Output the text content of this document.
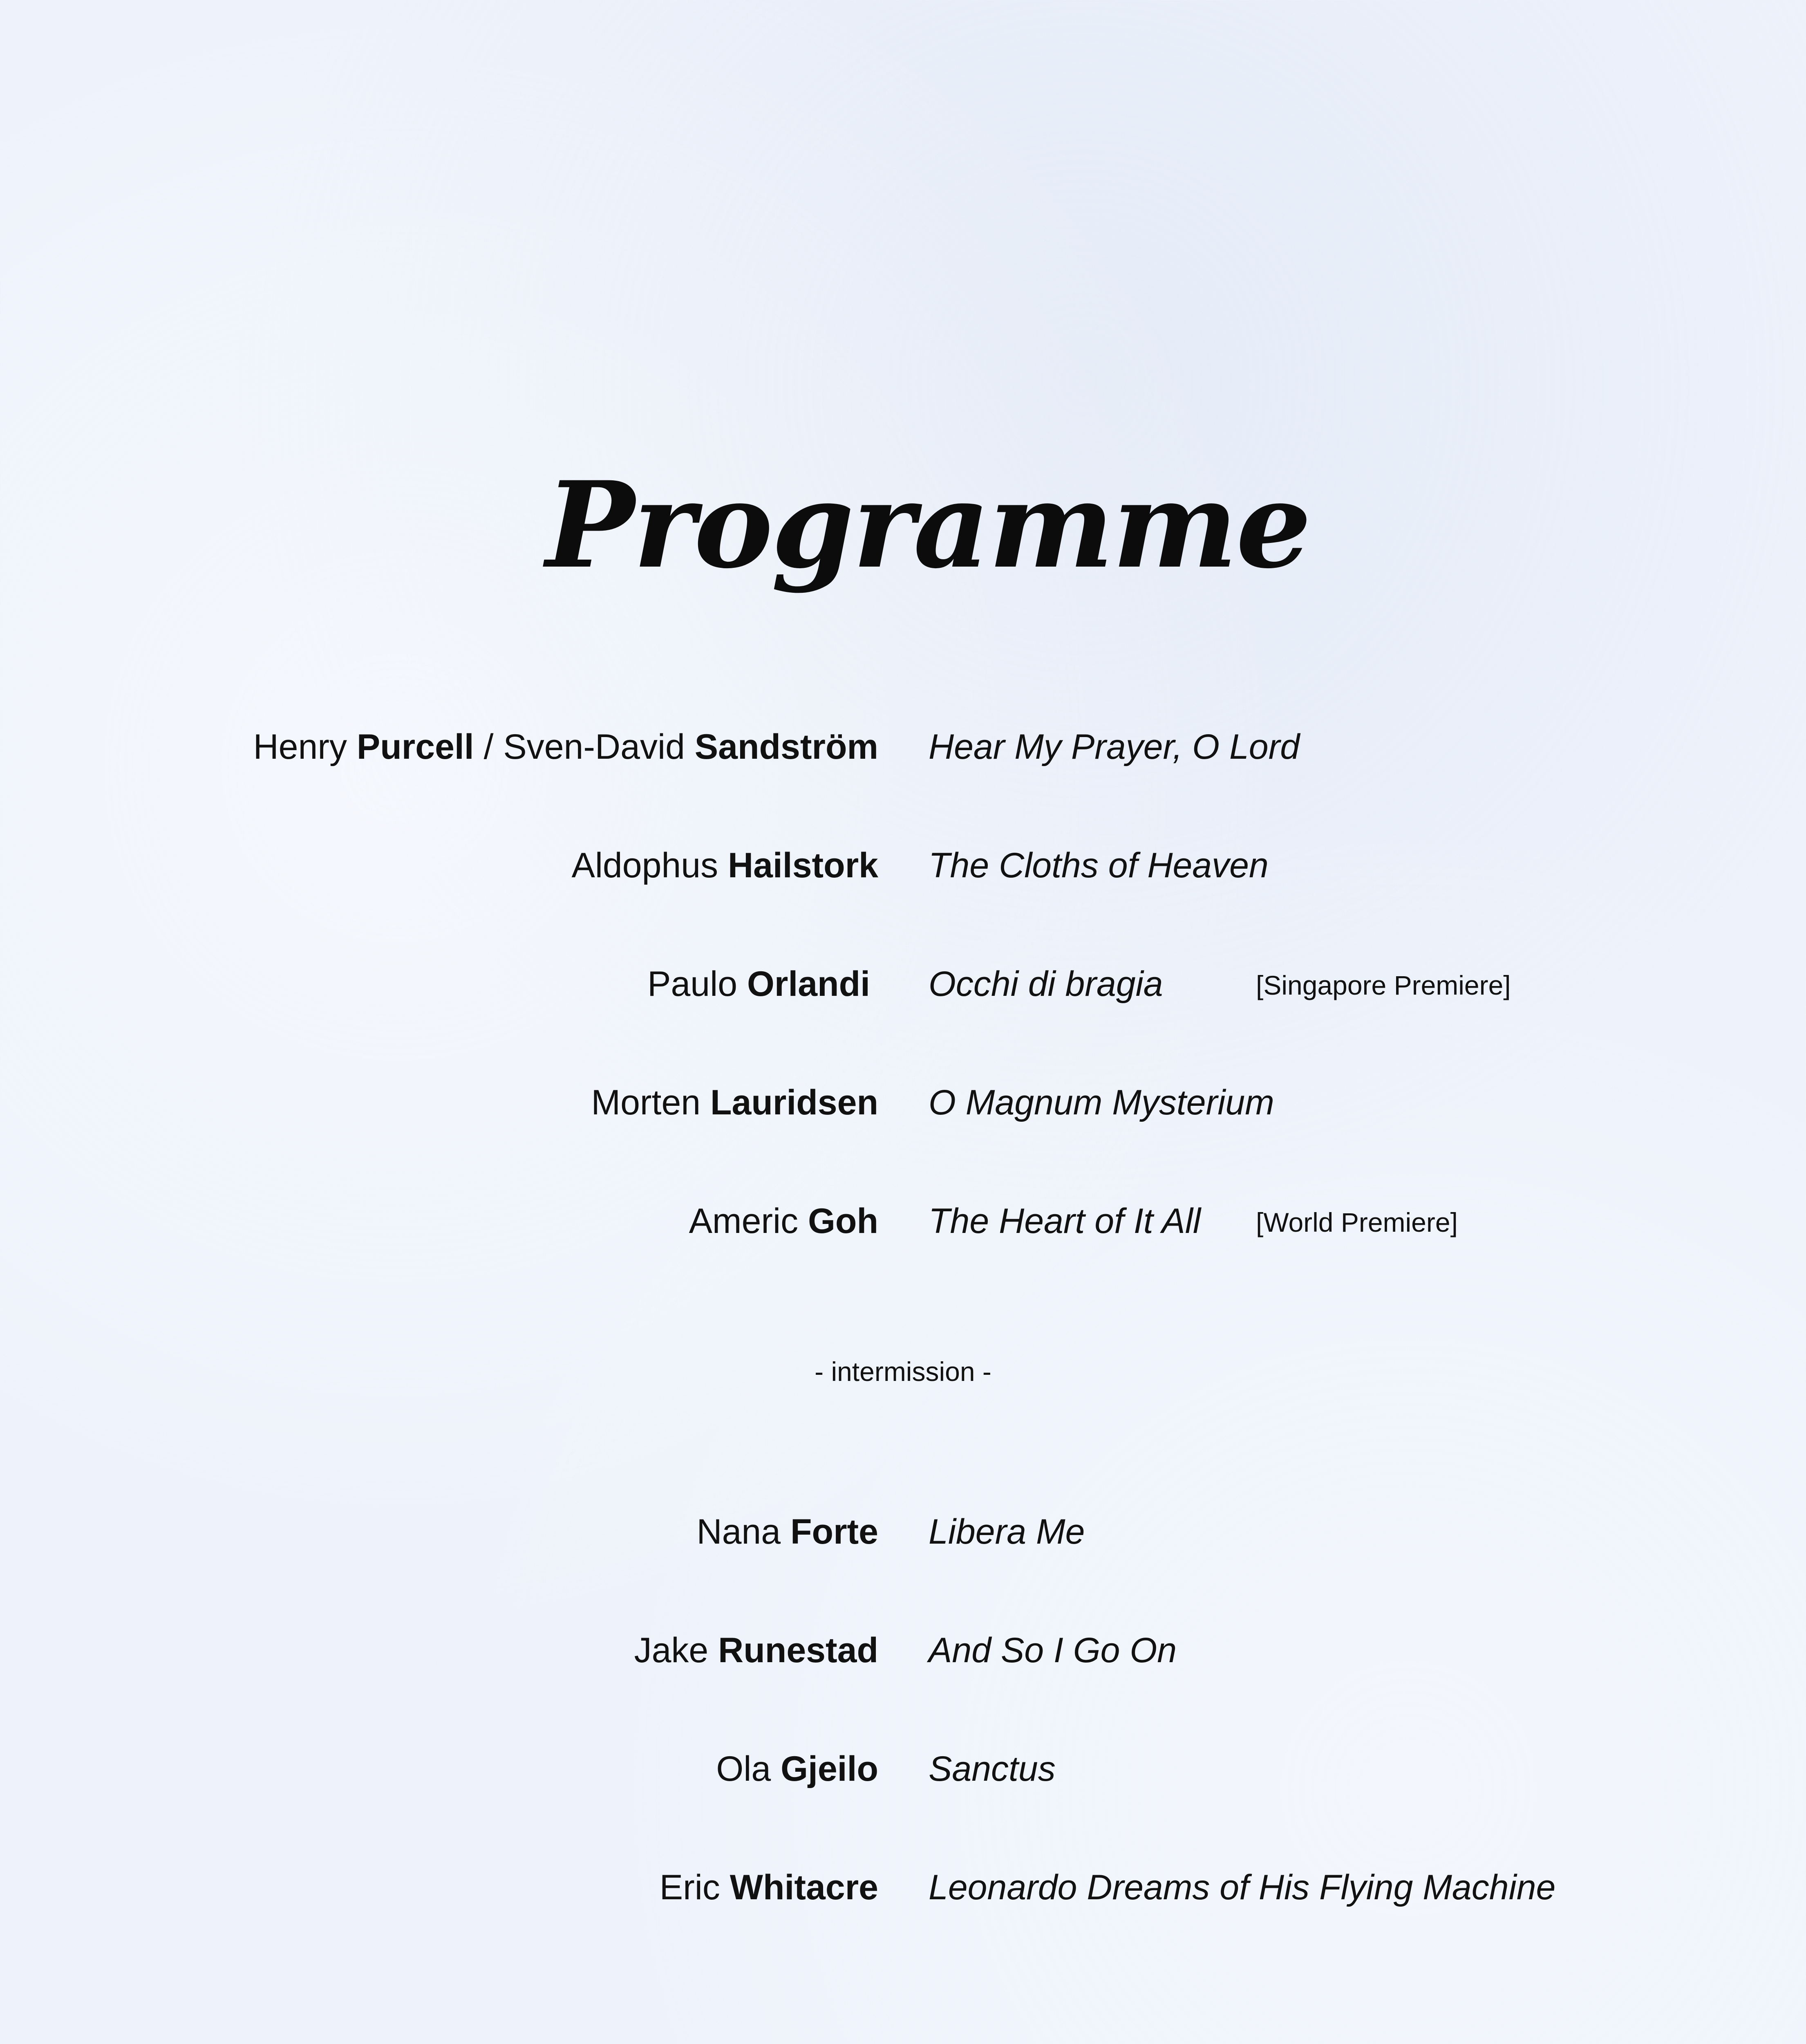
Programme
Henry Purcell / Sven-David Sandström Hear My Prayer, O Lord
Aldophus Hailstork The Cloths of Heaven
Paulo Orlandi Occhi di bragia	[Singapore Premiere]
Morten Lauridsen O Magnum Mysterium
Americ Goh The Heart of It All [World Premiere]
- intermission -
Nana Forte Libera Me
Jake Runestad And So I Go On
Ola Gjeilo Sanctus
Eric Whitacre Leonardo Dreams of His Flying Machine
